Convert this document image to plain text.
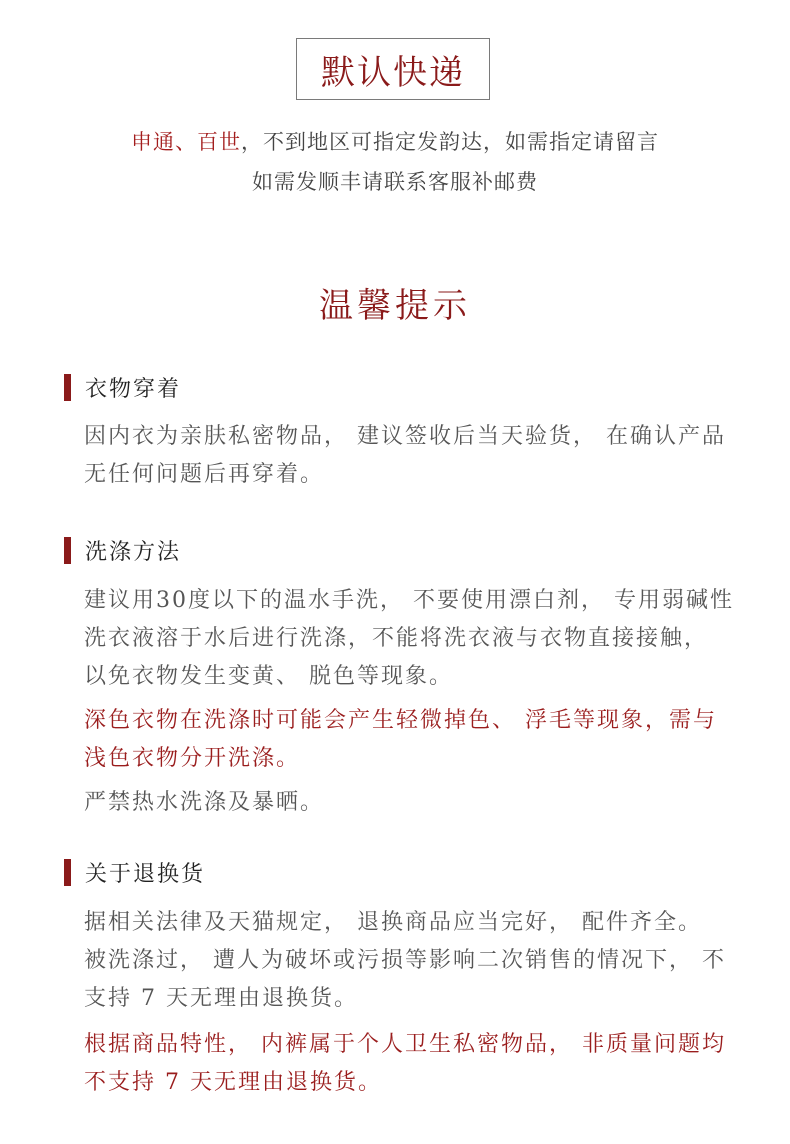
默认快递
申通、百世，不到地区可指定发韵达，如需指定请留言
如需发顺丰请联系客服补邮费
温馨提示
衣物穿着
因内衣为亲肤私密物品， 建议签收后当天验货， 在确认产品无任何问题后再穿着。
洗涤方法
建议用30度以下的温水手洗， 不要使用漂白剂， 专用弱碱性洗衣液溶于水后进行洗涤，不能将洗衣液与衣物直接接触， 以免衣物发生变黄、 脱色等现象。
深色衣物在洗涤时可能会产生轻微掉色、 浮毛等现象，需与浅色衣物分开洗涤。
严禁热水洗涤及暴晒。
关于退换货
据相关法律及天猫规定， 退换商品应当完好， 配件齐全。 被洗涤过， 遭人为破坏或污损等影响二次销售的情况下， 不支持 7 天无理由退换货。
根据商品特性， 内裤属于个人卫生私密物品， 非质量问题均不支持 7 天无理由退换货。
